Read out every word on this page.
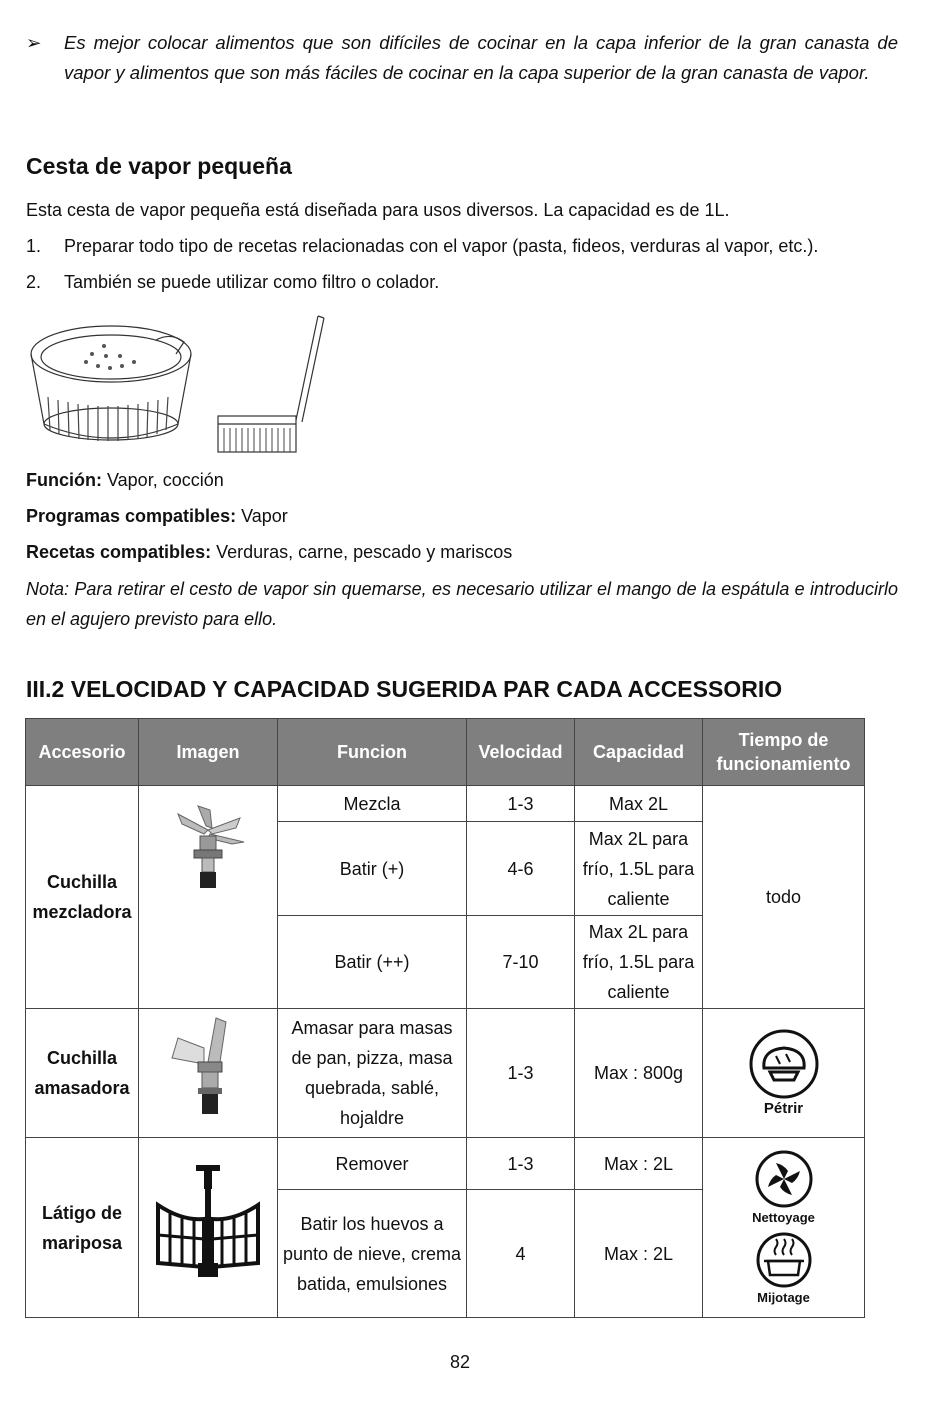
➢ Es mejor colocar alimentos que son difíciles de cocinar en la capa inferior de la gran canasta de vapor y alimentos que son más fáciles de cocinar en la capa superior de la gran canasta de vapor.
Cesta de vapor pequeña
Esta cesta de vapor pequeña está diseñada para usos diversos. La capacidad es de 1L.
1. Preparar todo tipo de recetas relacionadas con el vapor (pasta, fideos, verduras al vapor, etc.).
2. También se puede utilizar como filtro o colador.
Función: Vapor, cocción
Programas compatibles: Vapor
Recetas compatibles: Verduras, carne, pescado y mariscos
Nota: Para retirar el cesto de vapor sin quemarse, es necesario utilizar el mango de la espátula e introducirlo en el agujero previsto para ello.
III.2 VELOCIDAD Y CAPACIDAD SUGERIDA PAR CADA ACCESSORIO
Accesorio	Imagen	Funcion	Velocidad	Capacidad	Tiempo de funcionamiento
Cuchilla mezcladora		Mezcla	1-3	Max 2L	todo
		Batir (+)	4-6	Max 2L para frío, 1.5L para caliente	
		Batir (++)	7-10	Max 2L para frío, 1.5L para caliente	
Cuchilla amasadora		Amasar para masas de pan, pizza, masa quebrada, sablé, hojaldre	1-3	Max : 800g	Pétrir

Látigo de mariposa		Remover	1-3	Max : 2L	Nettoyage
Mijotage

		Batir los huevos a punto de nieve, crema batida, emulsiones	4	Max : 2L	
82
